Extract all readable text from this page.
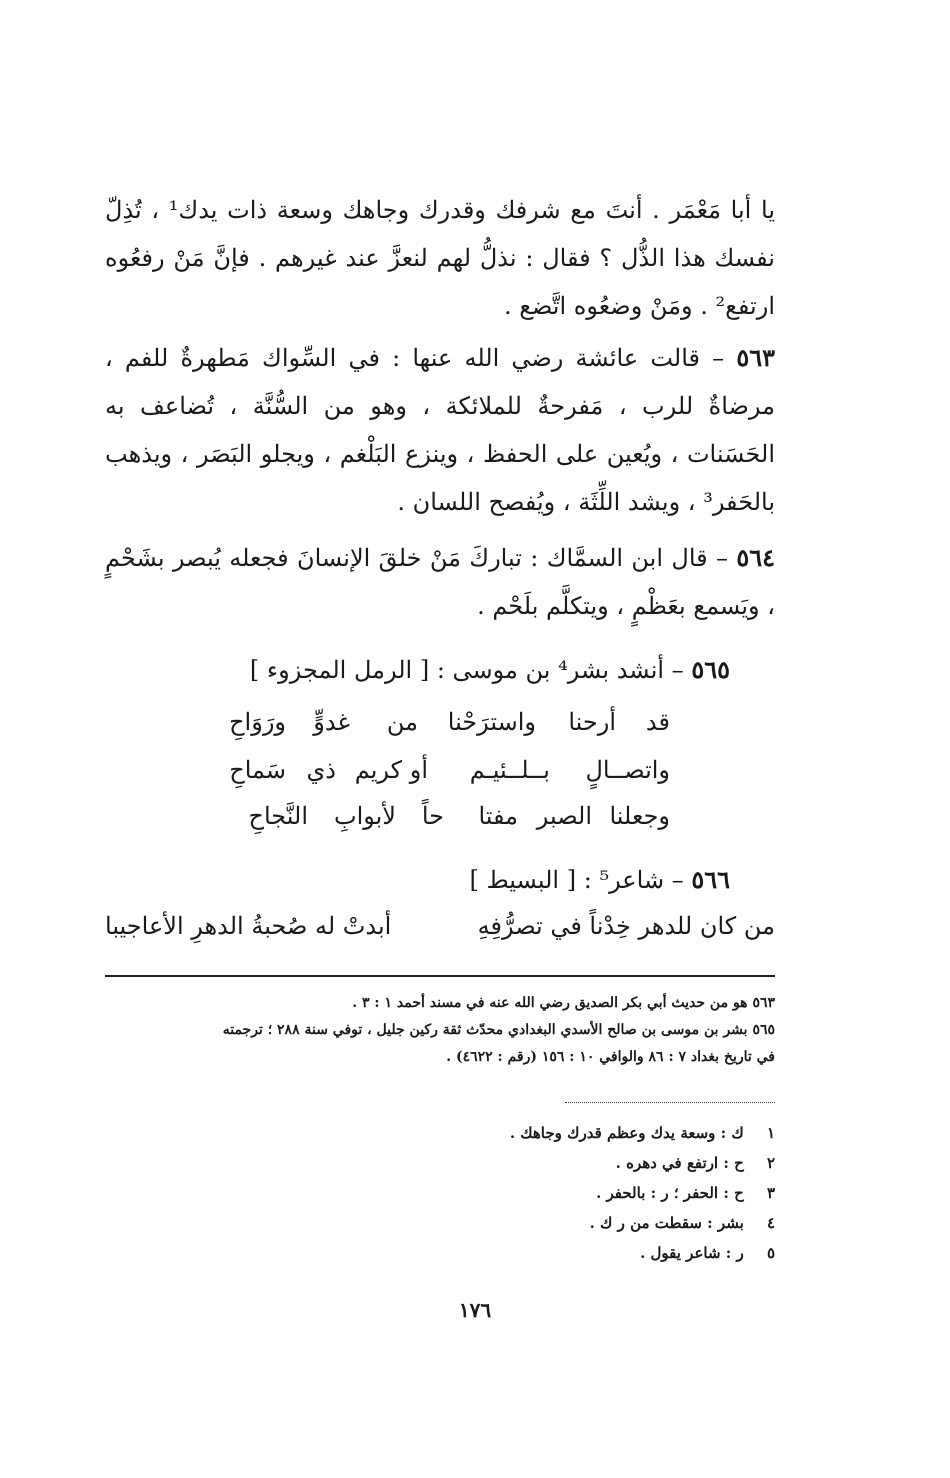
يا أبا مَعْمَر . أنتَ مع شرفك وقدرك وجاهك وسعة ذات يدك¹ ، تُذِلّ نفسك هذا الذُّل ؟ فقال : نذلُّ لهم لنعزَّ عند غيرهم . فإنَّ مَنْ رفعُوه ارتفع² . ومَنْ وضعُوه اتَّضع .
٥٦٣ – قالت عائشة رضي الله عنها : في السِّواك مَطهرةٌ للفم ، مرضاةٌ للرب ، مَفرحةٌ للملائكة ، وهو من السُّنَّة ، تُضاعف به الحَسَنات ، ويُعين على الحفظ ، وينزع البَلْغم ، ويجلو البَصَر ، ويذهب بالحَفر³ ، ويشد اللِّثَة ، ويُفصح اللسان .
٥٦٤ – قال ابن السمَّاك : تباركَ مَنْ خلقَ الإنسانَ فجعله يُبصر بشَحْمٍ ، ويَسمع بعَظْمٍ ، ويتكلَّم بلَحْم .
٥٦٥ – أنشد بشر⁴ بن موسى : [ الرمل المجزوء ]
قد
أرحنا
واسترَحْنا
من
غدوٍّ
ورَوَاحِ
واتصــالٍ
بــلــئيـم
أو كريم
ذي
سَماحِ
وجعلنا
الصبر
مفتا
حاً
لأبوابِ
النَّجاحِ
٥٦٦ – شاعر⁵ : [ البسيط ]
من كان للدهر خِدْناً في تصرُّفِهِ
أبدتْ له صُحبةُ الدهرِ الأعاجيبا
٥٦٣ هو من حديث أبي بكر الصديق رضي الله عنه في مسند أحمد ١ : ٣ .
٥٦٥ بشر بن موسى بن صالح الأسدي البغدادي محدّث ثقة ركين جليل ، توفي سنة ٢٨٨ ؛ ترجمته
في تاريخ بغداد ٧ : ٨٦ والوافي ١٠ : ١٥٦ (رقم : ٤٦٢٢) .
١ ك : وسعة يدك وعظم قدرك وجاهك .
٢ ح : ارتفع في دهره .
٣ ح : الحفر ؛ ر : بالحفر .
٤ بشر : سقطت من ر ك .
٥ ر : شاعر يقول .
١٧٦
